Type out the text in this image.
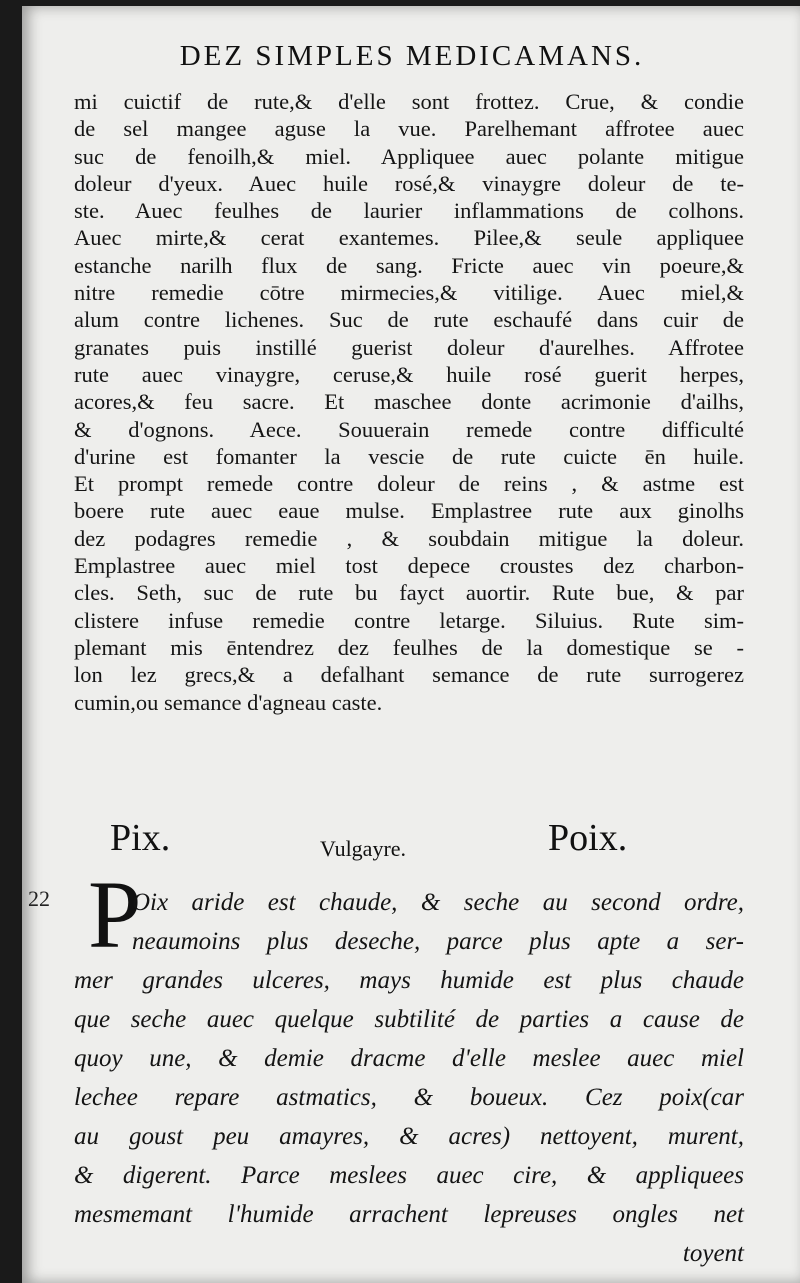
DEZ SIMPLES MEDICAMANS.
mi cuictif de rute,& d'elle sont frottez. Crue, & condie
de sel mangee aguse la vue. Parelhemant affrotee auec
suc de fenoilh,& miel. Appliquee auec polante mitigue
doleur d'yeux. Auec huile rosé,& vinaygre doleur de te-
ste. Auec feulhes de laurier inflammations de colhons.
Auec mirte,& cerat exantemes. Pilee,& seule appliquee
estanche narilh flux de sang. Fricte auec vin poeure,&
nitre remedie cōtre mirmecies,& vitilige. Auec miel,&
alum contre lichenes. Suc de rute eschaufé dans cuir de
granates puis instillé guerist doleur d'aurelhes. Affrotee
rute auec vinaygre, ceruse,& huile rosé guerit herpes,
acores,& feu sacre. Et maschee donte acrimonie d'ailhs,
& d'ognons. Aece. Souuerain remede contre difficulté
d'urine est fomanter la vescie de rute cuicte ēn huile.
Et prompt remede contre doleur de reins , & astme est
boere rute auec eaue mulse. Emplastree rute aux ginolhs
dez podagres remedie , & soubdain mitigue la doleur.
Emplastree auec miel tost depece croustes dez charbon-
cles. Seth, suc de rute bu fayct auortir. Rute bue, & par
clistere infuse remedie contre letarge. Siluius. Rute sim-
plemant mis ēntendrez dez feulhes de la domestique se -
lon lez grecs,& a defalhant semance de rute surrogerez
cumin,ou semance d'agneau caste.
Pix.	Vulgayre.	Poix.
22 P
Oix aride est chaude, & seche au second ordre,
neaumoins plus deseche, parce plus apte a ser-
mer grandes ulceres, mays humide est plus chaude
que seche auec quelque subtilité de parties a cause de
quoy une, & demie dracme d'elle meslee auec miel
lechee repare astmatics, & boueux. Cez poix(car
au goust peu amayres, & acres) nettoyent, murent,
& digerent. Parce meslees auec cire, & appliquees
mesmemant l'humide arrachent lepreuses ongles net
toyent
